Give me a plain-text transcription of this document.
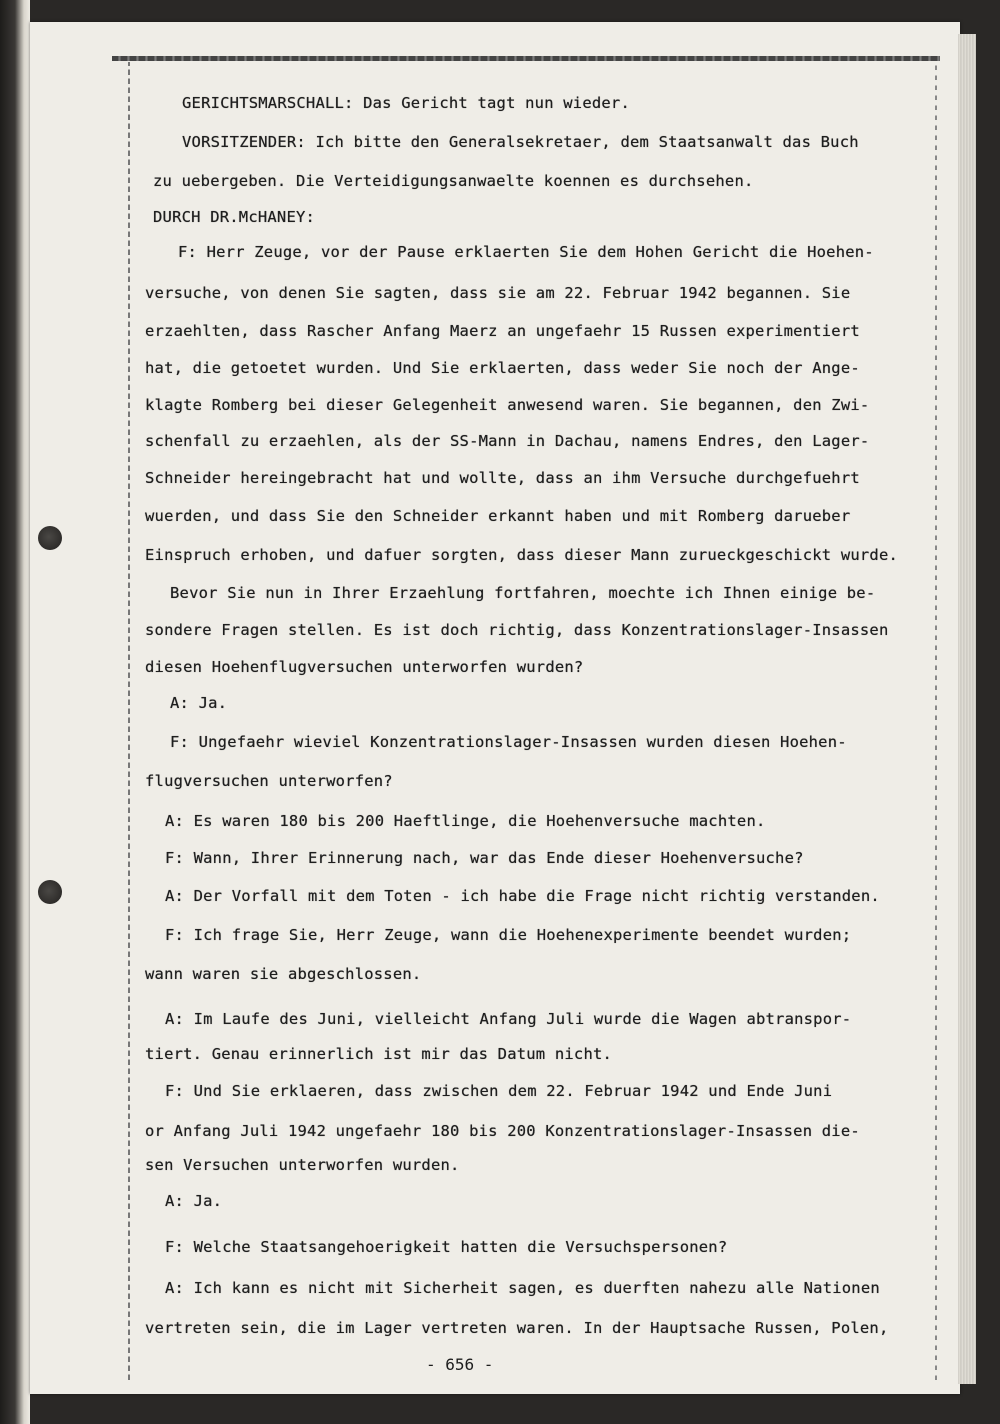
GERICHTSMARSCHALL: Das Gericht tagt nun wieder.
VORSITZENDER: Ich bitte den Generalsekretaer, dem Staatsanwalt das Buch
zu uebergeben. Die Verteidigungsanwaelte koennen es durchsehen.
DURCH DR.McHANEY:
F: Herr Zeuge, vor der Pause erklaerten Sie dem Hohen Gericht die Hoehen-
versuche, von denen Sie sagten, dass sie am 22. Februar 1942 begannen. Sie
erzaehlten, dass Rascher Anfang Maerz an ungefaehr 15 Russen experimentiert
hat, die getoetet wurden. Und Sie erklaerten, dass weder Sie noch der Ange-
klagte Romberg bei dieser Gelegenheit anwesend waren. Sie begannen, den Zwi-
schenfall zu erzaehlen, als der SS-Mann in Dachau, namens Endres, den Lager-
Schneider hereingebracht hat und wollte, dass an ihm Versuche durchgefuehrt
wuerden, und dass Sie den Schneider erkannt haben und mit Romberg darueber
Einspruch erhoben, und dafuer sorgten, dass dieser Mann zurueckgeschickt wurde.
Bevor Sie nun in Ihrer Erzaehlung fortfahren, moechte ich Ihnen einige be-
sondere Fragen stellen. Es ist doch richtig, dass Konzentrationslager-Insassen
diesen Hoehenflugversuchen unterworfen wurden?
A: Ja.
F: Ungefaehr wieviel Konzentrationslager-Insassen wurden diesen Hoehen-
flugversuchen unterworfen?
A: Es waren 180 bis 200 Haeftlinge, die Hoehenversuche machten.
F: Wann, Ihrer Erinnerung nach, war das Ende dieser Hoehenversuche?
A: Der Vorfall mit dem Toten - ich habe die Frage nicht richtig verstanden.
F: Ich frage Sie, Herr Zeuge, wann die Hoehenexperimente beendet wurden;
wann waren sie abgeschlossen.
A: Im Laufe des Juni, vielleicht Anfang Juli wurde die Wagen abtranspor-
tiert. Genau erinnerlich ist mir das Datum nicht.
F: Und Sie erklaeren, dass zwischen dem 22. Februar 1942 und Ende Juni
or Anfang Juli 1942 ungefaehr 180 bis 200 Konzentrationslager-Insassen die-
sen Versuchen unterworfen wurden.
A: Ja.
F: Welche Staatsangehoerigkeit hatten die Versuchspersonen?
A: Ich kann es nicht mit Sicherheit sagen, es duerften nahezu alle Nationen
vertreten sein, die im Lager vertreten waren. In der Hauptsache Russen, Polen,
- 656 -
